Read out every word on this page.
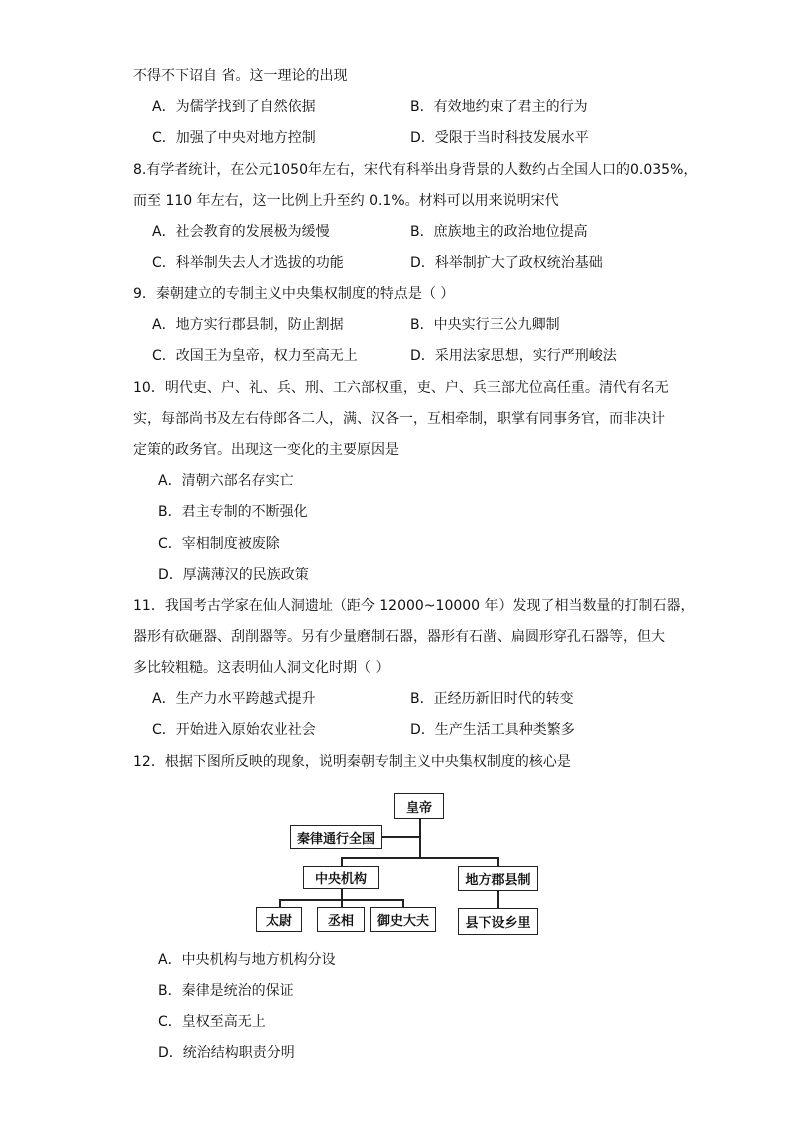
不得不下诏自 省。这一理论的出现
A．为儒学找到了自然依据	B．有效地约束了君主的行为
C．加强了中央对地方控制	D．受限于当时科技发展水平
8.有学者统计，在公元1050年左右，宋代有科举出身背景的人数约占全国人口的0.035%，
而至 110 年左右，这一比例上升至约 0.1%。材料可以用来说明宋代
A．社会教育的发展极为缓慢	B．庶族地主的政治地位提高
C．科举制失去人才选拔的功能	D．科举制扩大了政权统治基础
9．秦朝建立的专制主义中央集权制度的特点是（ ）
A．地方实行郡县制，防止割据	B．中央实行三公九卿制
C．改国王为皇帝，权力至高无上	D．采用法家思想，实行严刑峻法
10．明代吏、户、礼、兵、刑、工六部权重，吏、户、兵三部尤位高任重。清代有名无
实，每部尚书及左右侍郎各二人，满、汉各一，互相牵制，职掌有同事务官，而非决计
定策的政务官。出现这一变化的主要原因是
A．清朝六部名存实亡
B．君主专制的不断强化
C．宰相制度被废除
D．厚满薄汉的民族政策
11．我国考古学家在仙人洞遗址（距今 12000~10000 年）发现了相当数量的打制石器，
器形有砍砸器、刮削器等。另有少量磨制石器，器形有石凿、扁圆形穿孔石器等，但大
多比较粗糙。这表明仙人洞文化时期（ ）
A．生产力水平跨越式提升	B．正经历新旧时代的转变
C．开始进入原始农业社会	D．生产生活工具种类繁多
12．根据下图所反映的现象，说明秦朝专制主义中央集权制度的核心是
皇帝
秦律通行全国
中央机构	地方郡县制
太尉	丞相	御史大夫	县下设乡里
A．中央机构与地方机构分设
B．秦律是统治的保证
C．皇权至高无上
D．统治结构职责分明
